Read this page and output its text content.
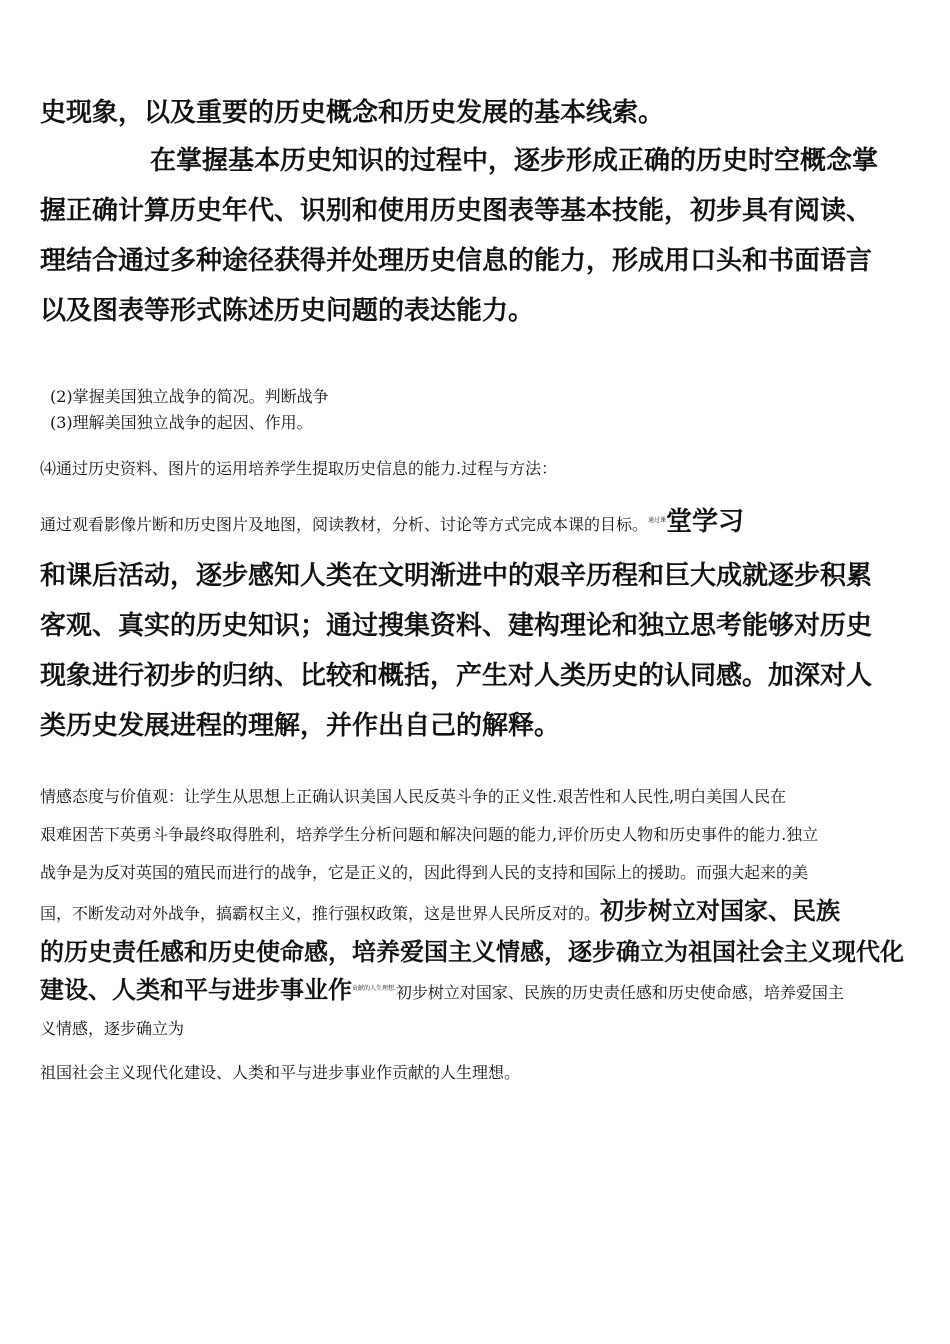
史现象，以及重要的历史概念和历史发展的基本线索。
在掌握基本历史知识的过程中，逐步形成正确的历史时空概念掌
握正确计算历史年代、识别和使用历史图表等基本技能，初步具有阅读、
理结合通过多种途径获得并处理历史信息的能力，形成用口头和书面语言
以及图表等形式陈述历史问题的表达能力。
(2)掌握美国独立战争的简况。判断战争
(3)理解美国独立战争的起因、作用。
⑷通过历史资料、图片的运用培养学生提取历史信息的能力.过程与方法：
通过观看影像片断和历史图片及地图，阅读教材，分析、讨论等方式完成本课的目标。$^{通过课}$堂学习
和课后活动，逐步感知人类在文明渐进中的艰辛历程和巨大成就逐步积累
客观、真实的历史知识；通过搜集资料、建构理论和独立思考能够对历史
现象进行初步的归纳、比较和概括，产生对人类历史的认同感。加深对人
类历史发展进程的理解，并作出自己的解释。
情感态度与价值观：让学生从思想上正确认识美国人民反英斗争的正义性.艰苦性和人民性,明白美国人民在
艰难困苦下英勇斗争最终取得胜利，培养学生分析问题和解决问题的能力,评价历史人物和历史事件的能力.独立
战争是为反对英国的殖民而进行的战争，它是正义的，因此得到人民的支持和国际上的援助。而强大起来的美
国，不断发动对外战争，搞霸权主义，推行强权政策，这是世界人民所反对的。初步树立对国家、民族
的历史责任感和历史使命感，培养爱国主义情感，逐步确立为祖国社会主义现代化
建设、人类和平与进步事业作$^{贡献的人生理想.}$初步树立对国家、民族的历史责任感和历史使命感，培养爱国主
义情感，逐步确立为
祖国社会主义现代化建设、人类和平与进步事业作贡献的人生理想。
